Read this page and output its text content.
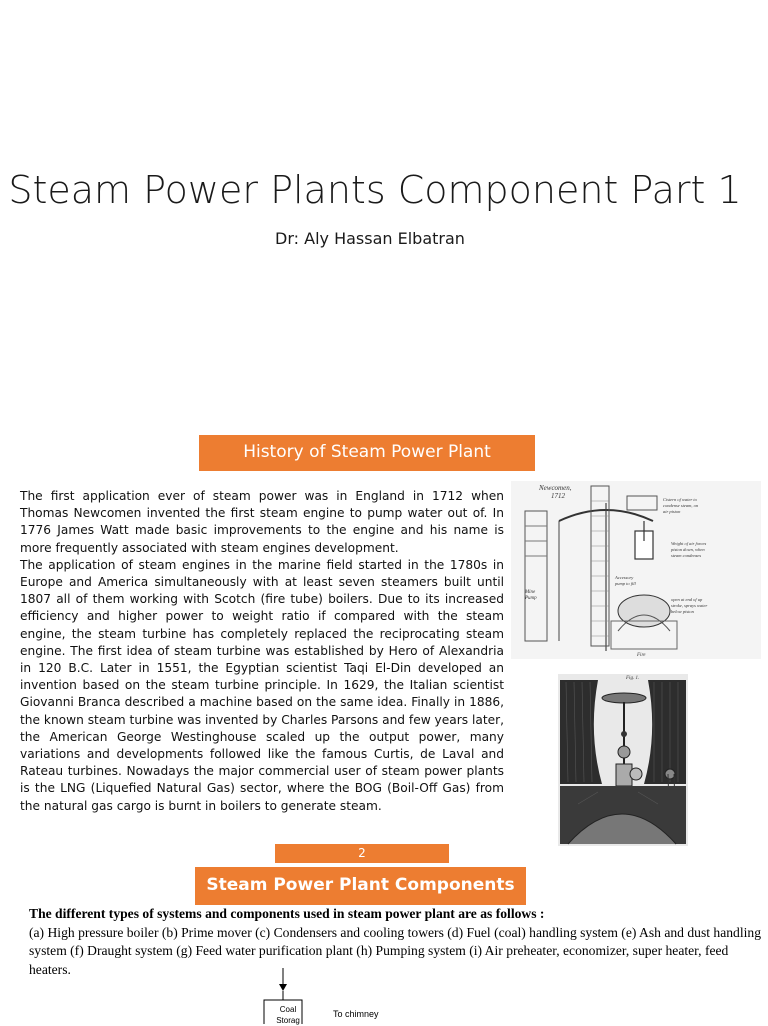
Steam Power Plants Component Part 1
Dr: Aly Hassan Elbatran
History of Steam Power Plant

The first application ever of steam power was in England in 1712 when Thomas Newcomen invented the first steam engine to pump water out of. In 1776 James Watt made basic improvements to the engine and his name is more frequently associated with steam engines development.

The application of steam engines in the marine field started in the 1780s in Europe and America simultaneously with at least seven steamers built until 1807 all of them working with Scotch (fire tube) boilers. Due to its increased efficiency and higher power to weight ratio if compared with the steam engine, the steam turbine has completely replaced the reciprocating steam engine. The first idea of steam turbine was established by Hero of Alexandria in 120 B.C. Later in 1551, the Egyptian scientist Taqi El-Din developed an invention based on the steam turbine principle. In 1629, the Italian scientist Giovanni Branca described a machine based on the same idea. Finally in 1886, the known steam turbine was invented by Charles Parsons and few years later, the American George Westinghouse scaled up the output power, many variations and developments followed like the famous Curtis, de Laval and Rateau turbines. Nowadays the major commercial user of steam power plants is the LNG (Liquefied Natural Gas) sector, where the BOG (Boil-Off Gas) from the natural gas cargo is burnt in boilers to generate steam.

Newcomen,
1712
Mine
Pump
Fire
Cistern of water to
condense steam, on
air piston
Weight of air forces
piston down, when
steam condenses
open at end of up
stroke, sprays water
below piston
Accessory
pump to fill
Fig. 1.
2
Steam Power Plant Components
The different types of systems and components used in steam power plant are as follows :
(a) High pressure boiler (b) Prime mover (c) Condensers and cooling towers (d) Fuel (coal) handling system (e) Ash and dust handling system (f) Draught system (g) Feed water purification plant (h) Pumping system (i) Air preheater, economizer, super heater, feed heaters.
Coal Storag
To chimney
